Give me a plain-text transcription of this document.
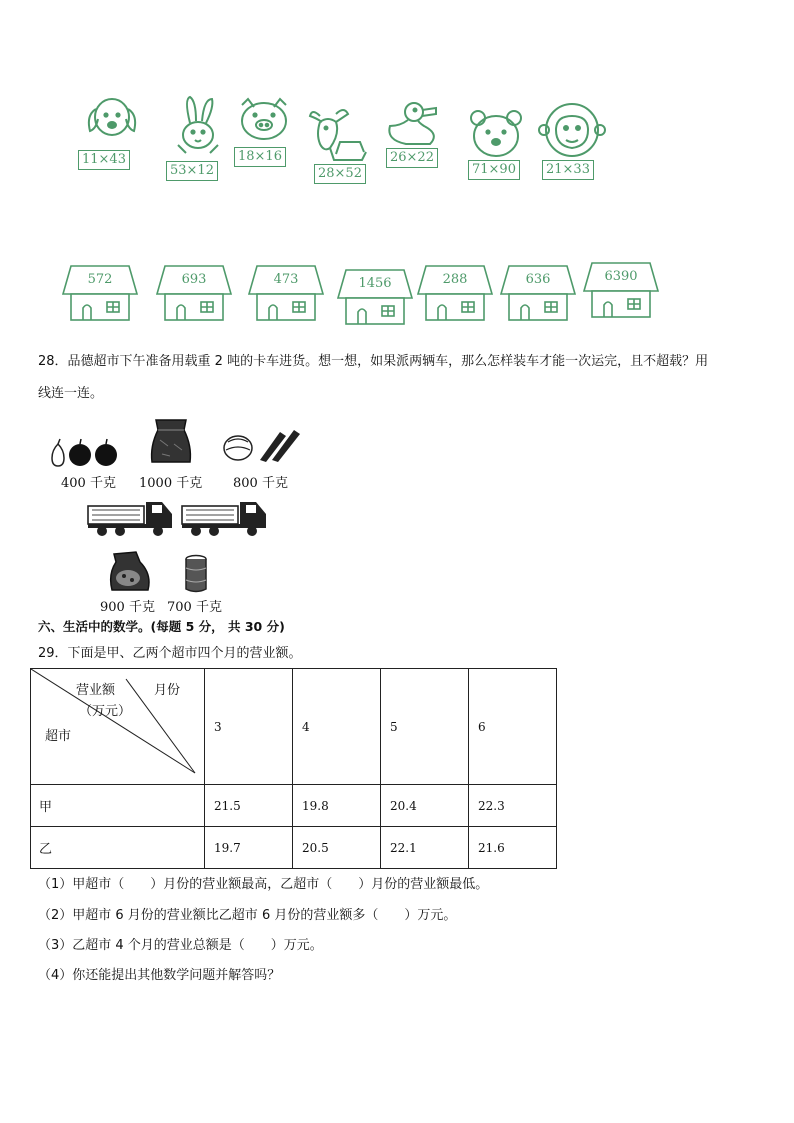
11×43
53×12
18×16
28×52
26×22
71×90	21×33
572	693	473	1456	288	636	6390
28．品德超市下午准备用载重 2 吨的卡车进货。想一想，如果派两辆车，那么怎样装车才能一次运完，且不超载？用
线连一连。
400 千克 1000 千克 800 千克
900 千克 700 千克
六、生活中的数学。(每题 5 分， 共 30 分)
29．下面是甲、乙两个超市四个月的营业额。
营业额
（万元）
月份
超市	3	4	5	6
甲	21.5	19.8	20.4	22.3
乙	19.7	20.5	22.1	21.6
（1）甲超市（　　）月份的营业额最高，乙超市（　　）月份的营业额最低。
（2）甲超市 6 月份的营业额比乙超市 6 月份的营业额多（　　）万元。
（3）乙超市 4 个月的营业总额是（　　）万元。
（4）你还能提出其他数学问题并解答吗？
